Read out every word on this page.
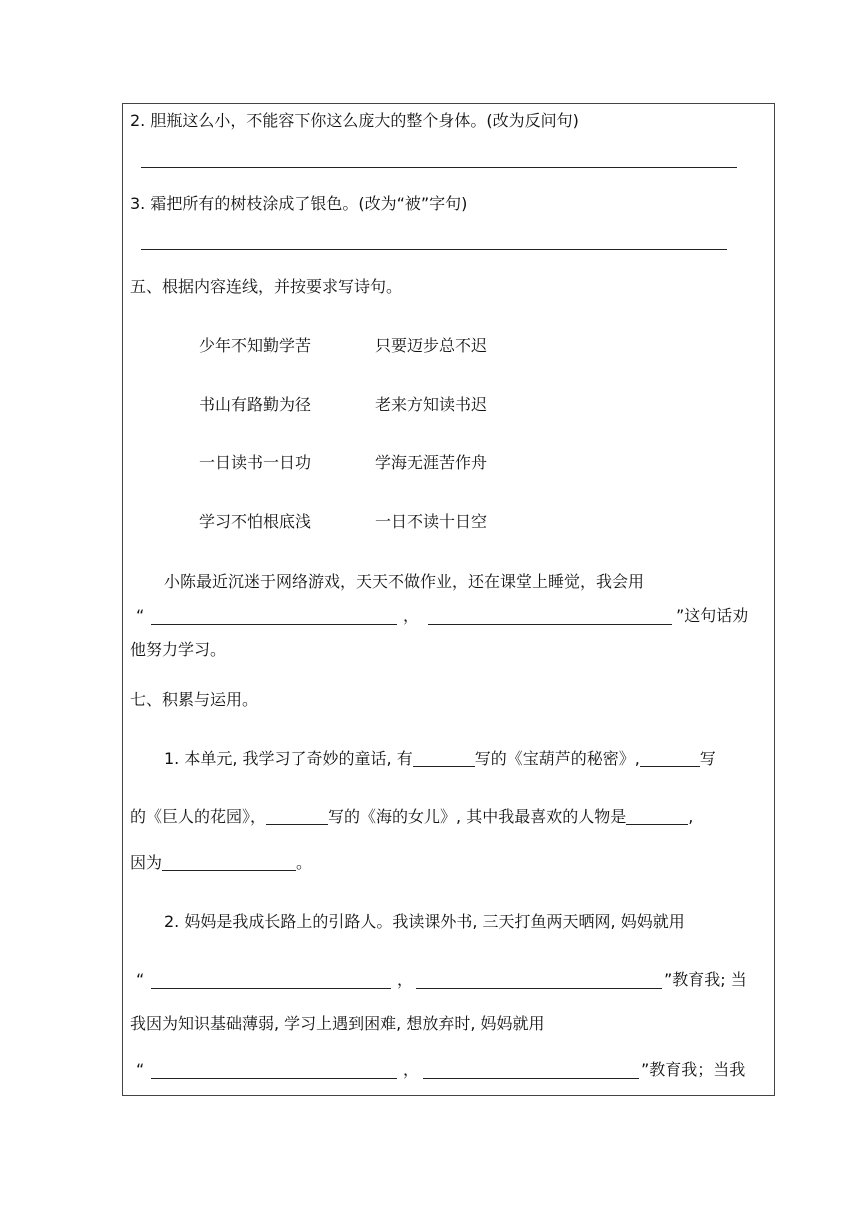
2. 胆瓶这么小，不能容下你这么庞大的整个身体。(改为反问句)
3. 霜把所有的树枝涂成了银色。(改为“被”字句)
五、根据内容连线，并按要求写诗句。
少年不知勤学苦	只要迈步总不迟
书山有路勤为径	老来方知读书迟
一日读书一日功	学海无涯苦作舟
学习不怕根底浅	一日不读十日空
小陈最近沉迷于网络游戏，天天不做作业，还在课堂上睡觉，我会用
“	，	”这句话劝
他努力学习。
七、积累与运用。
1. 本单元, 我学习了奇妙的童话, 有	写的《宝葫芦的秘密》,	写
的《巨人的花园》，	写的《海的女儿》, 其中我最喜欢的人物是	,
因为	。
2. 妈妈是我成长路上的引路人。我读课外书, 三天打鱼两天晒网, 妈妈就用
“	，	”教育我; 当
我因为知识基础薄弱, 学习上遇到困难, 想放弃时, 妈妈就用
“	，	”教育我；当我
